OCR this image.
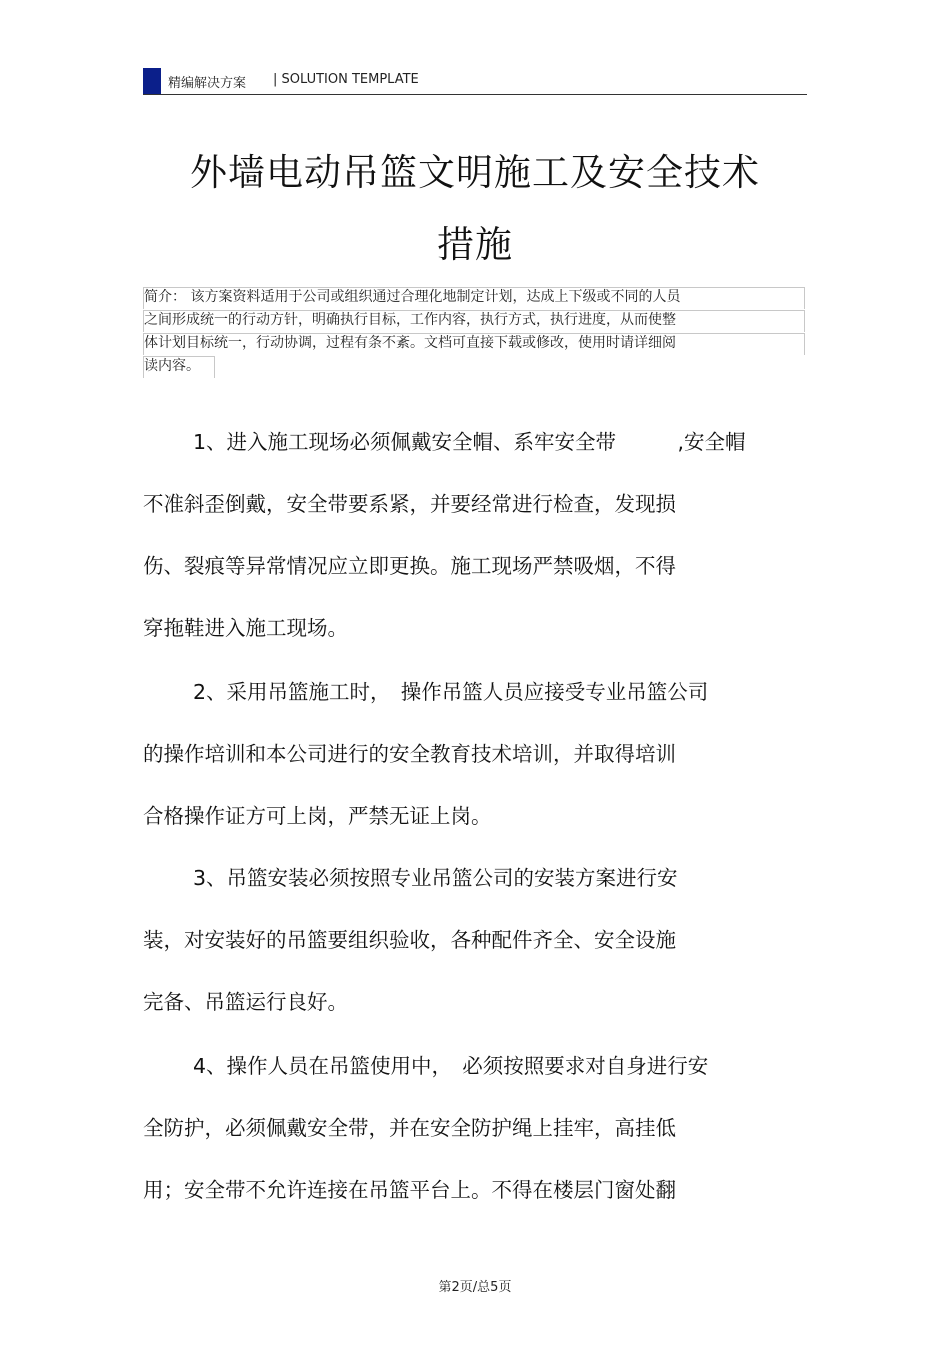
精编解决方案 | SOLUTION TEMPLATE
外墙电动吊篮文明施工及安全技术
措施
简介： 该方案资料适用于公司或组织通过合理化地制定计划，达成上下级或不同的人员
之间形成统一的行动方针，明确执行目标，工作内容，执行方式，执行进度，从而使整
体计划目标统一，行动协调，过程有条不紊。文档可直接下载或修改，使用时请详细阅
读内容。
1、进入施工现场必须佩戴安全帽、系牢安全带　　　,安全帽
不准斜歪倒戴，安全带要系紧，并要经常进行检查，发现损
伤、裂痕等异常情况应立即更换。施工现场严禁吸烟，不得
穿拖鞋进入施工现场。
2、采用吊篮施工时，　操作吊篮人员应接受专业吊篮公司
的操作培训和本公司进行的安全教育技术培训，并取得培训
合格操作证方可上岗，严禁无证上岗。
3、吊篮安装必须按照专业吊篮公司的安装方案进行安
装，对安装好的吊篮要组织验收，各种配件齐全、安全设施
完备、吊篮运行良好。
4、操作人员在吊篮使用中，　必须按照要求对自身进行安
全防护，必须佩戴安全带，并在安全防护绳上挂牢，高挂低
用；安全带不允许连接在吊篮平台上。不得在楼层门窗处翻
第2页/总5页
